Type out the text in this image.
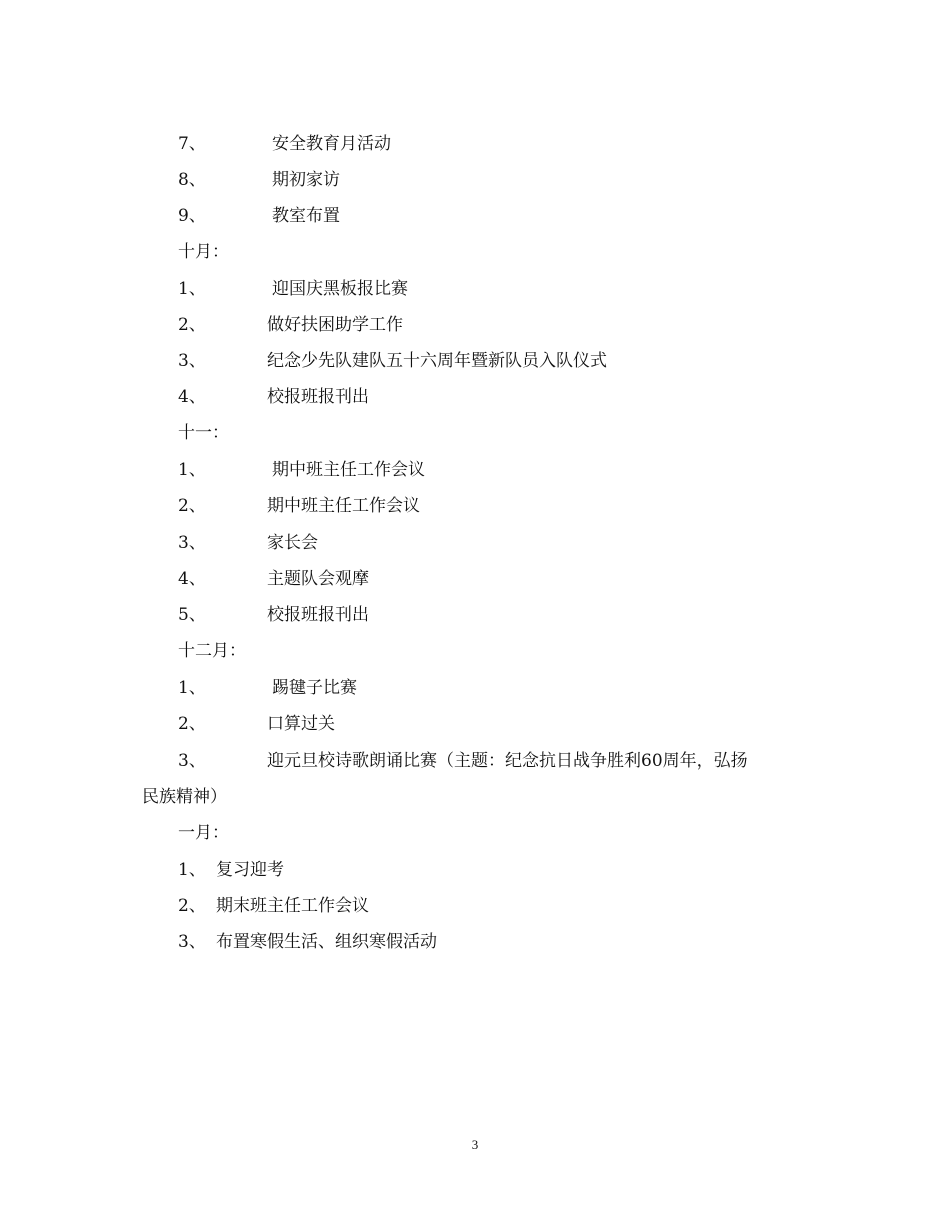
7、	安全教育月活动
8、	期初家访
9、	教室布置
十月：
1、	迎国庆黑板报比赛
2、	做好扶困助学工作
3、	纪念少先队建队五十六周年暨新队员入队仪式
4、	校报班报刊出
十一：
1、	期中班主任工作会议
2、	期中班主任工作会议
3、	家长会
4、	主题队会观摩
5、	校报班报刊出
十二月：
1、	踢毽子比赛
2、	口算过关
3、	迎元旦校诗歌朗诵比赛（主题：纪念抗日战争胜利60周年，弘扬
民族精神）
一月：
1、 复习迎考
2、 期末班主任工作会议
3、 布置寒假生活、组织寒假活动
3
